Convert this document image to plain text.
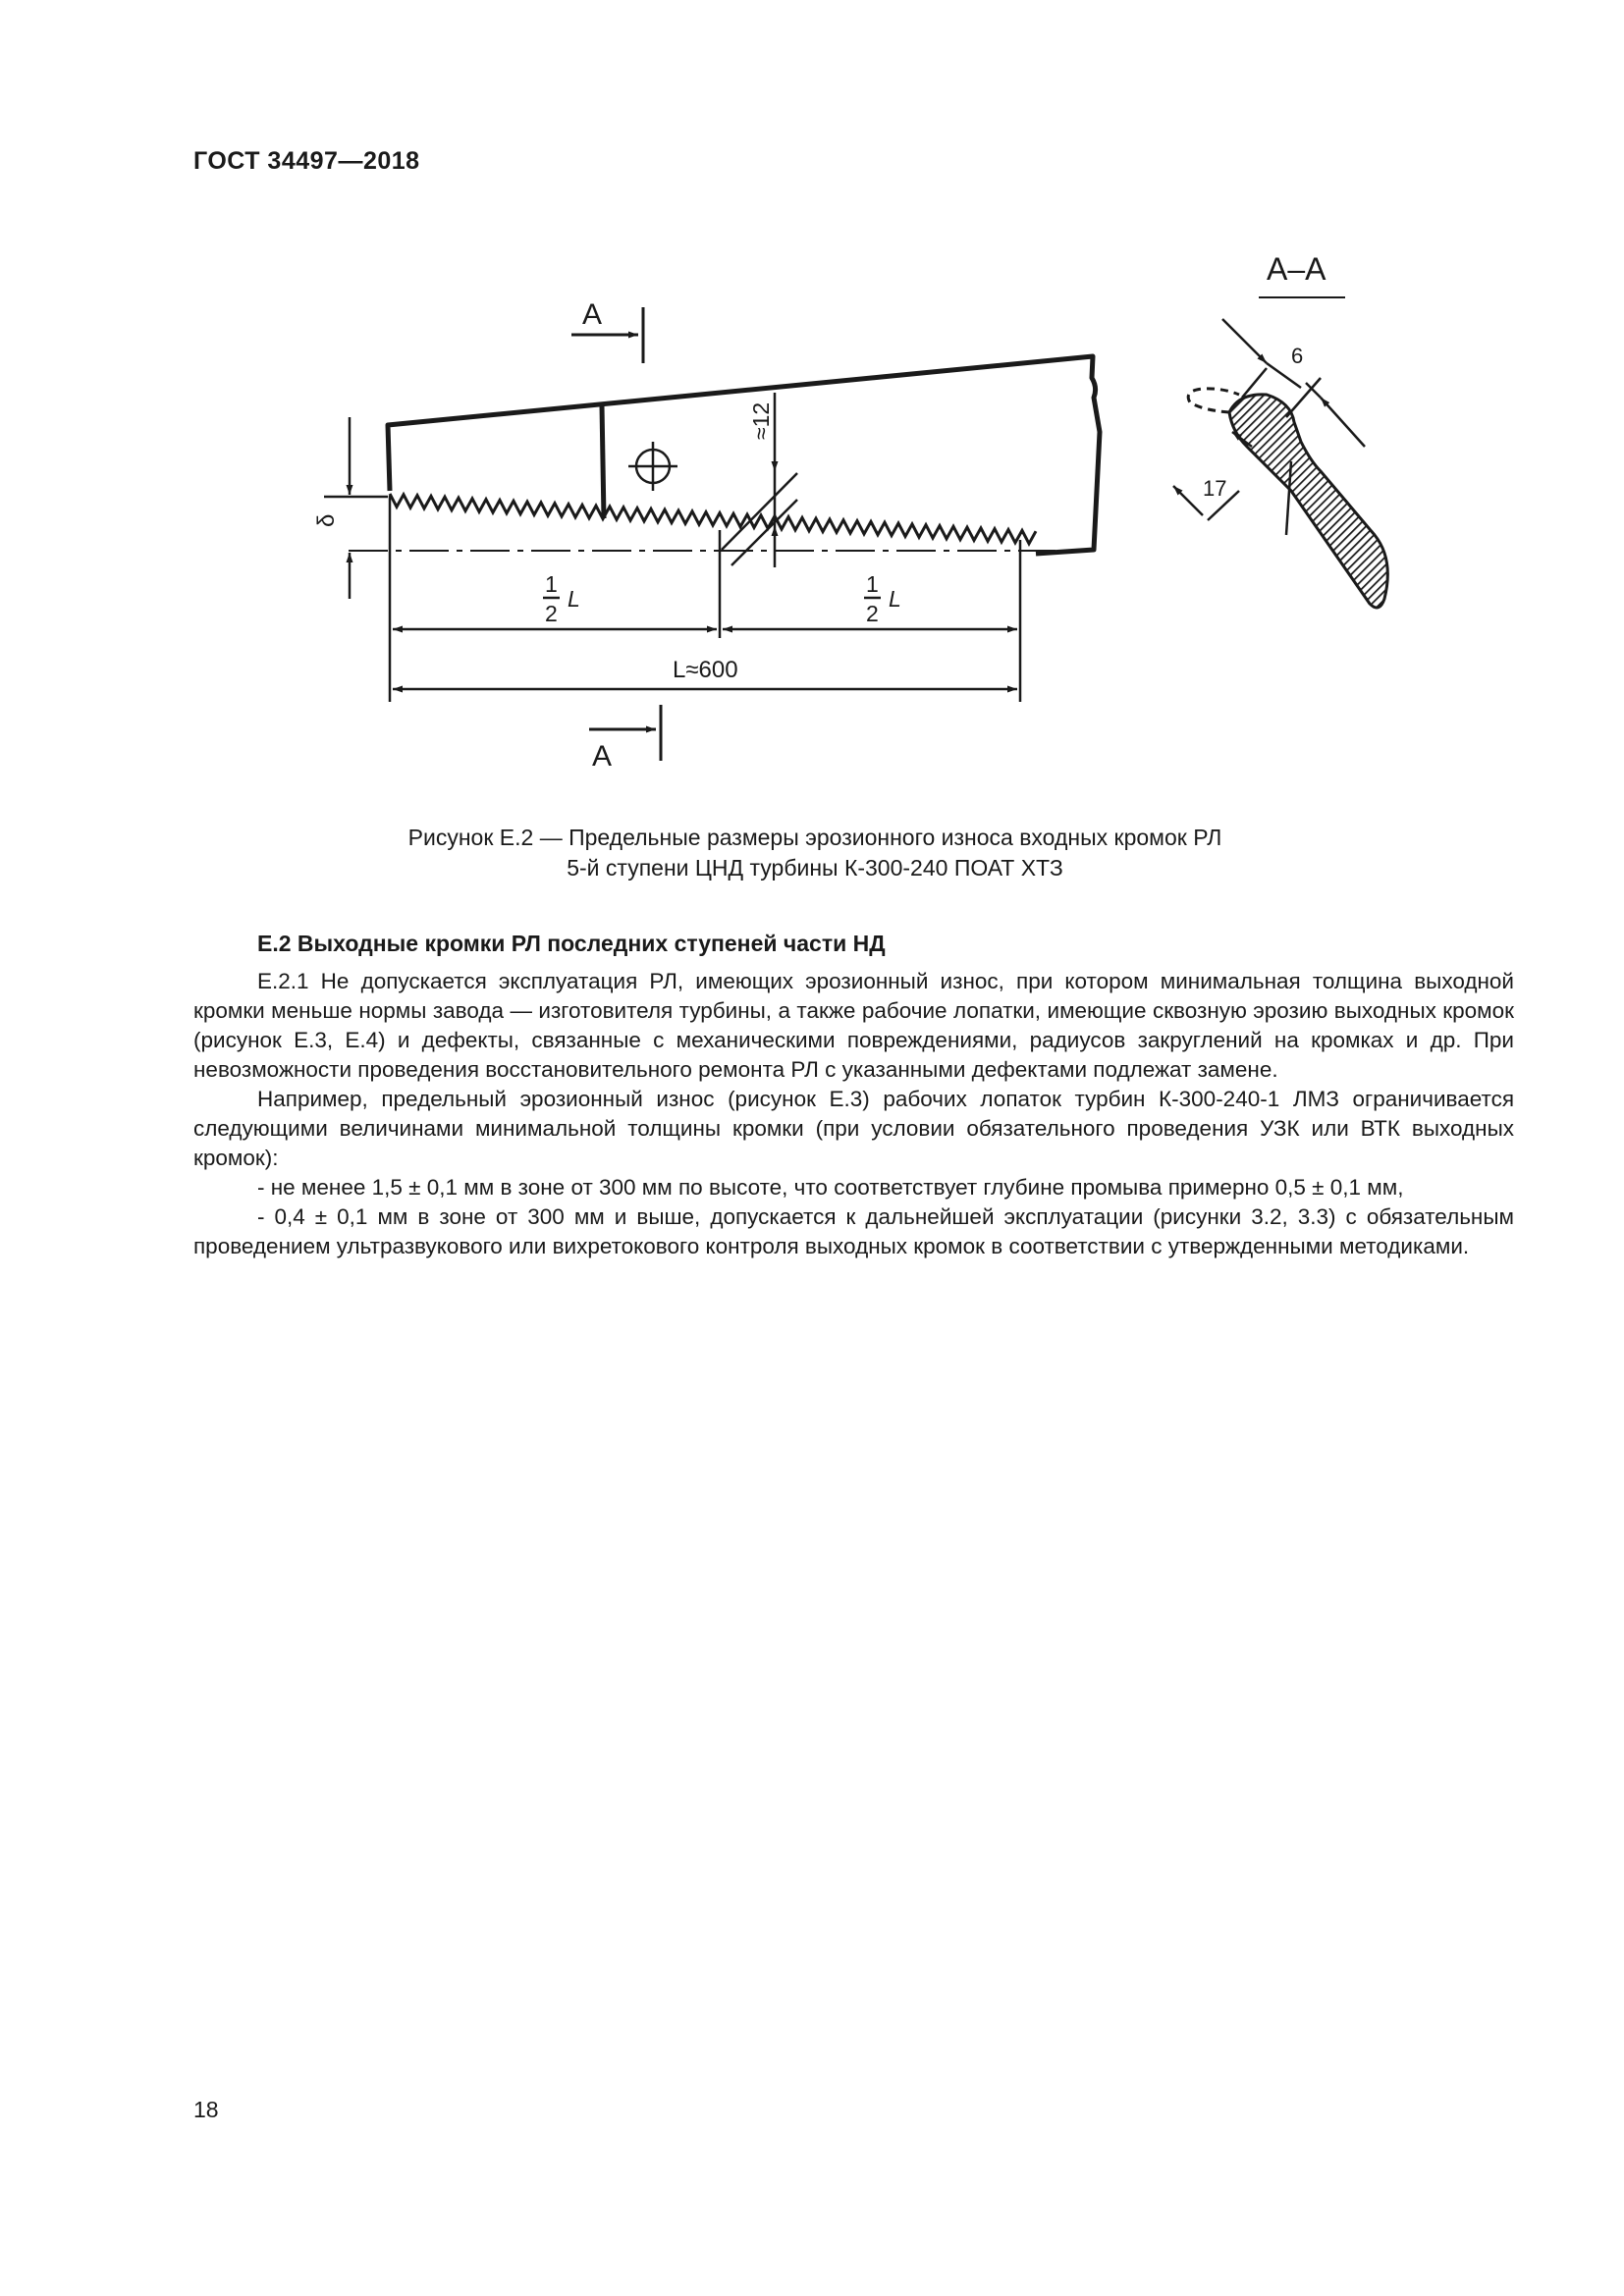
ГОСТ 34497—2018
δ
≈12
1
2
L
1
2
L
L≈600
А
А
А–А
6
17
Рисунок Е.2 — Предельные размеры эрозионного износа входных кромок РЛ
5-й ступени ЦНД турбины К-300-240 ПОАТ ХТЗ
Е.2 Выходные кромки РЛ последних ступеней части НД

Е.2.1 Не допускается эксплуатация РЛ, имеющих эрозионный износ, при котором минимальная толщина выходной кромки меньше нормы завода — изготовителя турбины, а также рабочие лопатки, имеющие сквозную эрозию выходных кромок (рисунок Е.3, Е.4) и дефекты, связанные с механическими повреждениями, радиусов закруглений на кромках и др. При невозможности проведения восстановительного ремонта РЛ с указанными дефектами подлежат замене.

Например, предельный эрозионный износ (рисунок Е.3) рабочих лопаток турбин К-300-240-1 ЛМЗ ограничивается следующими величинами минимальной толщины кромки (при условии обязательного проведения УЗК или ВТК выходных кромок):

- не менее 1,5 ± 0,1 мм в зоне от 300 мм по высоте, что соответствует глубине промыва примерно 0,5 ± 0,1 мм,

- 0,4 ± 0,1 мм в зоне от 300 мм и выше, допускается к дальнейшей эксплуатации (рисунки 3.2, 3.3) с обязательным проведением ультразвукового или вихретокового контроля выходных кромок в соответствии с утвержденными методиками.

18
